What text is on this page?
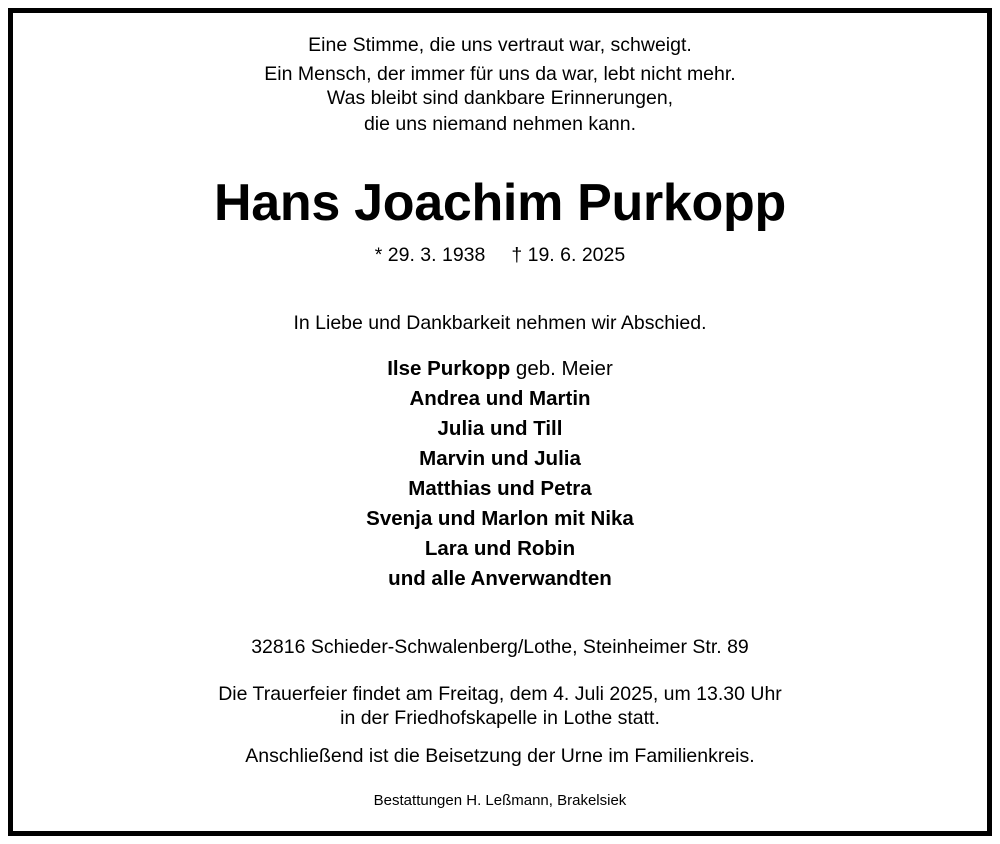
Eine Stimme, die uns vertraut war, schweigt.
Ein Mensch, der immer für uns da war, lebt nicht mehr.
Was bleibt sind dankbare Erinnerungen,
die uns niemand nehmen kann.
Hans Joachim Purkopp
* 29. 3. 1938 † 19. 6. 2025
In Liebe und Dankbarkeit nehmen wir Abschied.
Ilse Purkopp geb. Meier
Andrea und Martin
Julia und Till
Marvin und Julia
Matthias und Petra
Svenja und Marlon mit Nika
Lara und Robin
und alle Anverwandten
32816 Schieder-Schwalenberg/Lothe, Steinheimer Str. 89
Die Trauerfeier findet am Freitag, dem 4. Juli 2025, um 13.30 Uhr
in der Friedhofskapelle in Lothe statt.
Anschließend ist die Beisetzung der Urne im Familienkreis.
Bestattungen H. Leßmann, Brakelsiek
